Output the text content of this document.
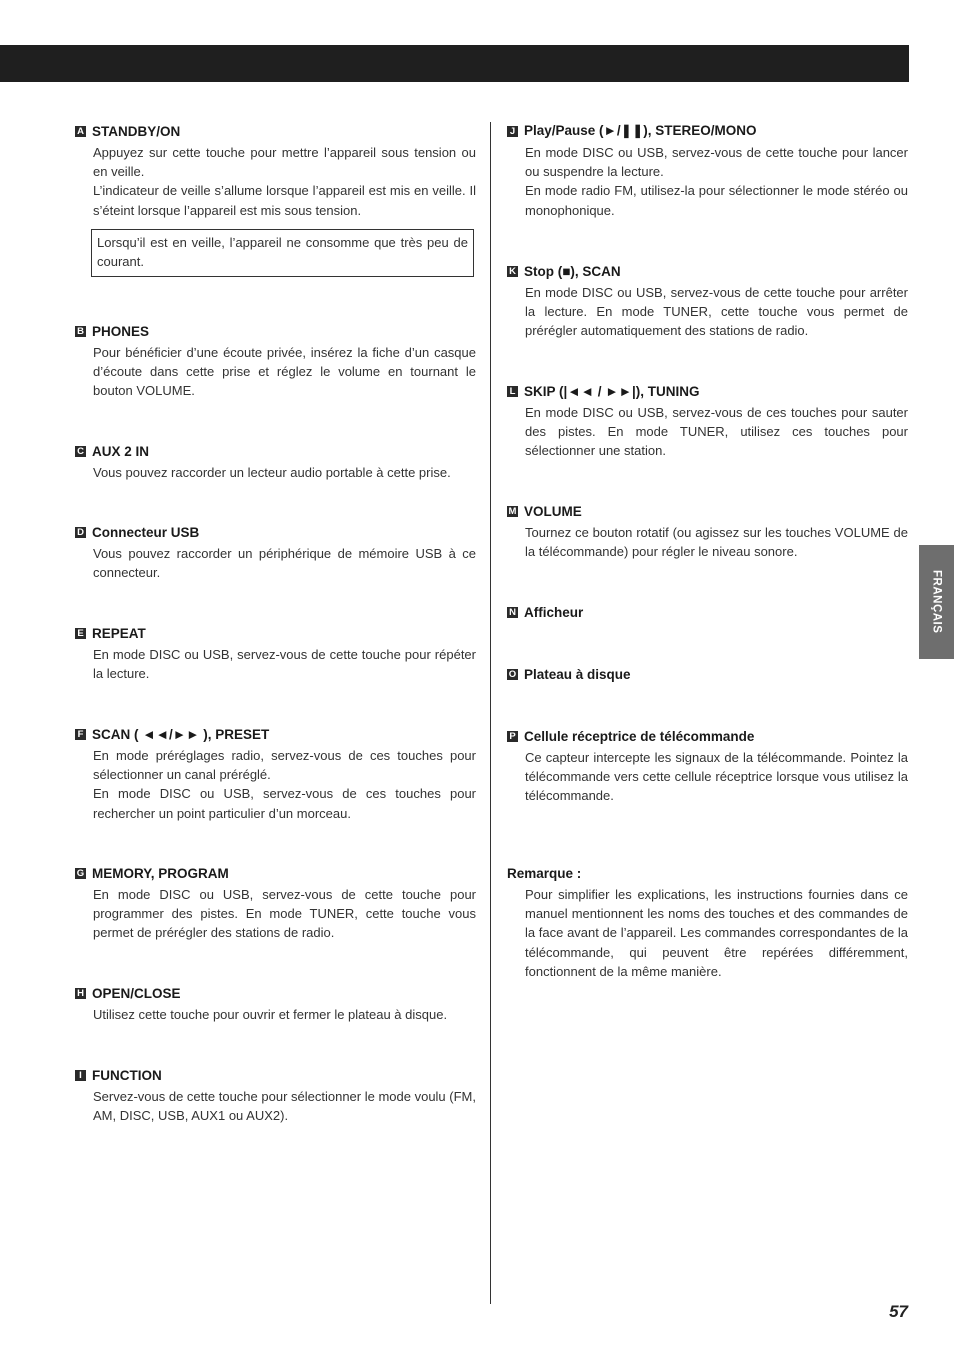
FRANÇAIS
A STANDBY/ON

Appuyez sur cette touche pour mettre l’appareil sous tension ou en veille.

L’indicateur de veille s’allume lorsque l’appareil est mis en veille. Il s’éteint lorsque l’appareil est mis sous tension.

Lorsqu’il est en veille, l’appareil ne consomme que très peu de courant.
B PHONES

Pour bénéficier d’une écoute privée, insérez la fiche d’un casque d’écoute dans cette prise et réglez le volume en tournant le bouton VOLUME.

C AUX 2 IN

Vous pouvez raccorder un lecteur audio portable à cette prise.

D Connecteur USB

Vous pouvez raccorder un périphérique de mémoire USB à ce connecteur.

E REPEAT

En mode DISC ou USB, servez-vous de cette touche pour répéter la lecture.

F SCAN ( ◄◄/►► ), PRESET

En mode préréglages radio, servez-vous de ces touches pour sélectionner un canal préréglé.

En mode DISC ou USB, servez-vous de ces touches pour rechercher un point particulier d’un morceau.

G MEMORY, PROGRAM

En mode DISC ou USB, servez-vous de cette touche pour programmer des pistes. En mode TUNER, cette touche vous permet de prérégler des stations de radio.

H OPEN/CLOSE

Utilisez cette touche pour ouvrir et fermer le plateau à disque.

I FUNCTION

Servez-vous de cette touche pour sélectionner le mode voulu (FM, AM, DISC, USB, AUX1 ou AUX2).

J Play/Pause (►/❚❚), STEREO/MONO

En mode DISC ou USB, servez-vous de cette touche pour lancer ou suspendre la lecture.

En mode radio FM, utilisez-la pour sélectionner le mode stéréo ou monophonique.

K Stop (■), SCAN

En mode DISC ou USB, servez-vous de cette touche pour arrêter la lecture. En mode TUNER, cette touche vous permet de prérégler automatiquement des stations de radio.

L SKIP (|◄◄ / ►►|), TUNING

En mode DISC ou USB, servez-vous de ces touches pour sauter des pistes. En mode TUNER, utilisez ces touches pour sélectionner une station.

M VOLUME

Tournez ce bouton rotatif (ou agissez sur les touches VOLUME de la télécommande) pour régler le niveau sonore.

N Afficheur
O Plateau à disque
P Cellule réceptrice de télécommande

Ce capteur intercepte les signaux de la télécommande. Pointez la télécommande vers cette cellule réceptrice lorsque vous utilisez la télécommande.

Remarque :

Pour simplifier les explications, les instructions fournies dans ce manuel mentionnent les noms des touches et des commandes de la face avant de l’appareil. Les commandes correspondantes de la télécommande, qui peuvent être repérées différemment, fonctionnent de la même manière.

57
